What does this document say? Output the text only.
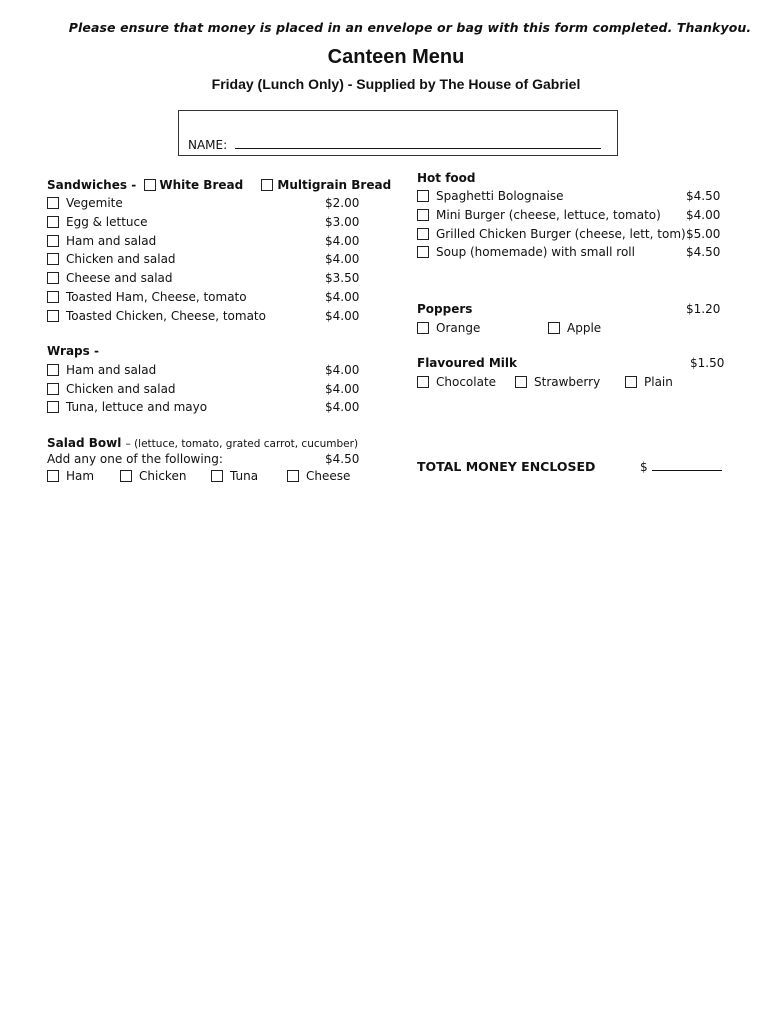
Please ensure that money is placed in an envelope or bag with this form completed. Thankyou.
Canteen Menu
Friday (Lunch Only) - Supplied by The House of Gabriel
NAME:
Sandwiches - White Bread	Multigrain Bread
Vegemite	$2.00
Egg & lettuce	$3.00
Ham and salad	$4.00
Chicken and salad	$4.00
Cheese and salad	$3.50
Toasted Ham, Cheese, tomato	$4.00
Toasted Chicken, Cheese, tomato	$4.00
Wraps -
Ham and salad	$4.00
Chicken and salad	$4.00
Tuna, lettuce and mayo	$4.00
Salad Bowl – (lettuce, tomato, grated carrot, cucumber)
Add any one of the following:	$4.50
Ham	Chicken	Tuna	Cheese
Hot food
Spaghetti Bolognaise	$4.50
Mini Burger (cheese, lettuce, tomato) $4.00
Grilled Chicken Burger (cheese, lett, tom) $5.00
Soup (homemade) with small roll	$4.50
Poppers	$1.20
Orange	Apple
Flavoured Milk	$1.50
Chocolate	Strawberry	Plain
TOTAL MONEY ENCLOSED	$
